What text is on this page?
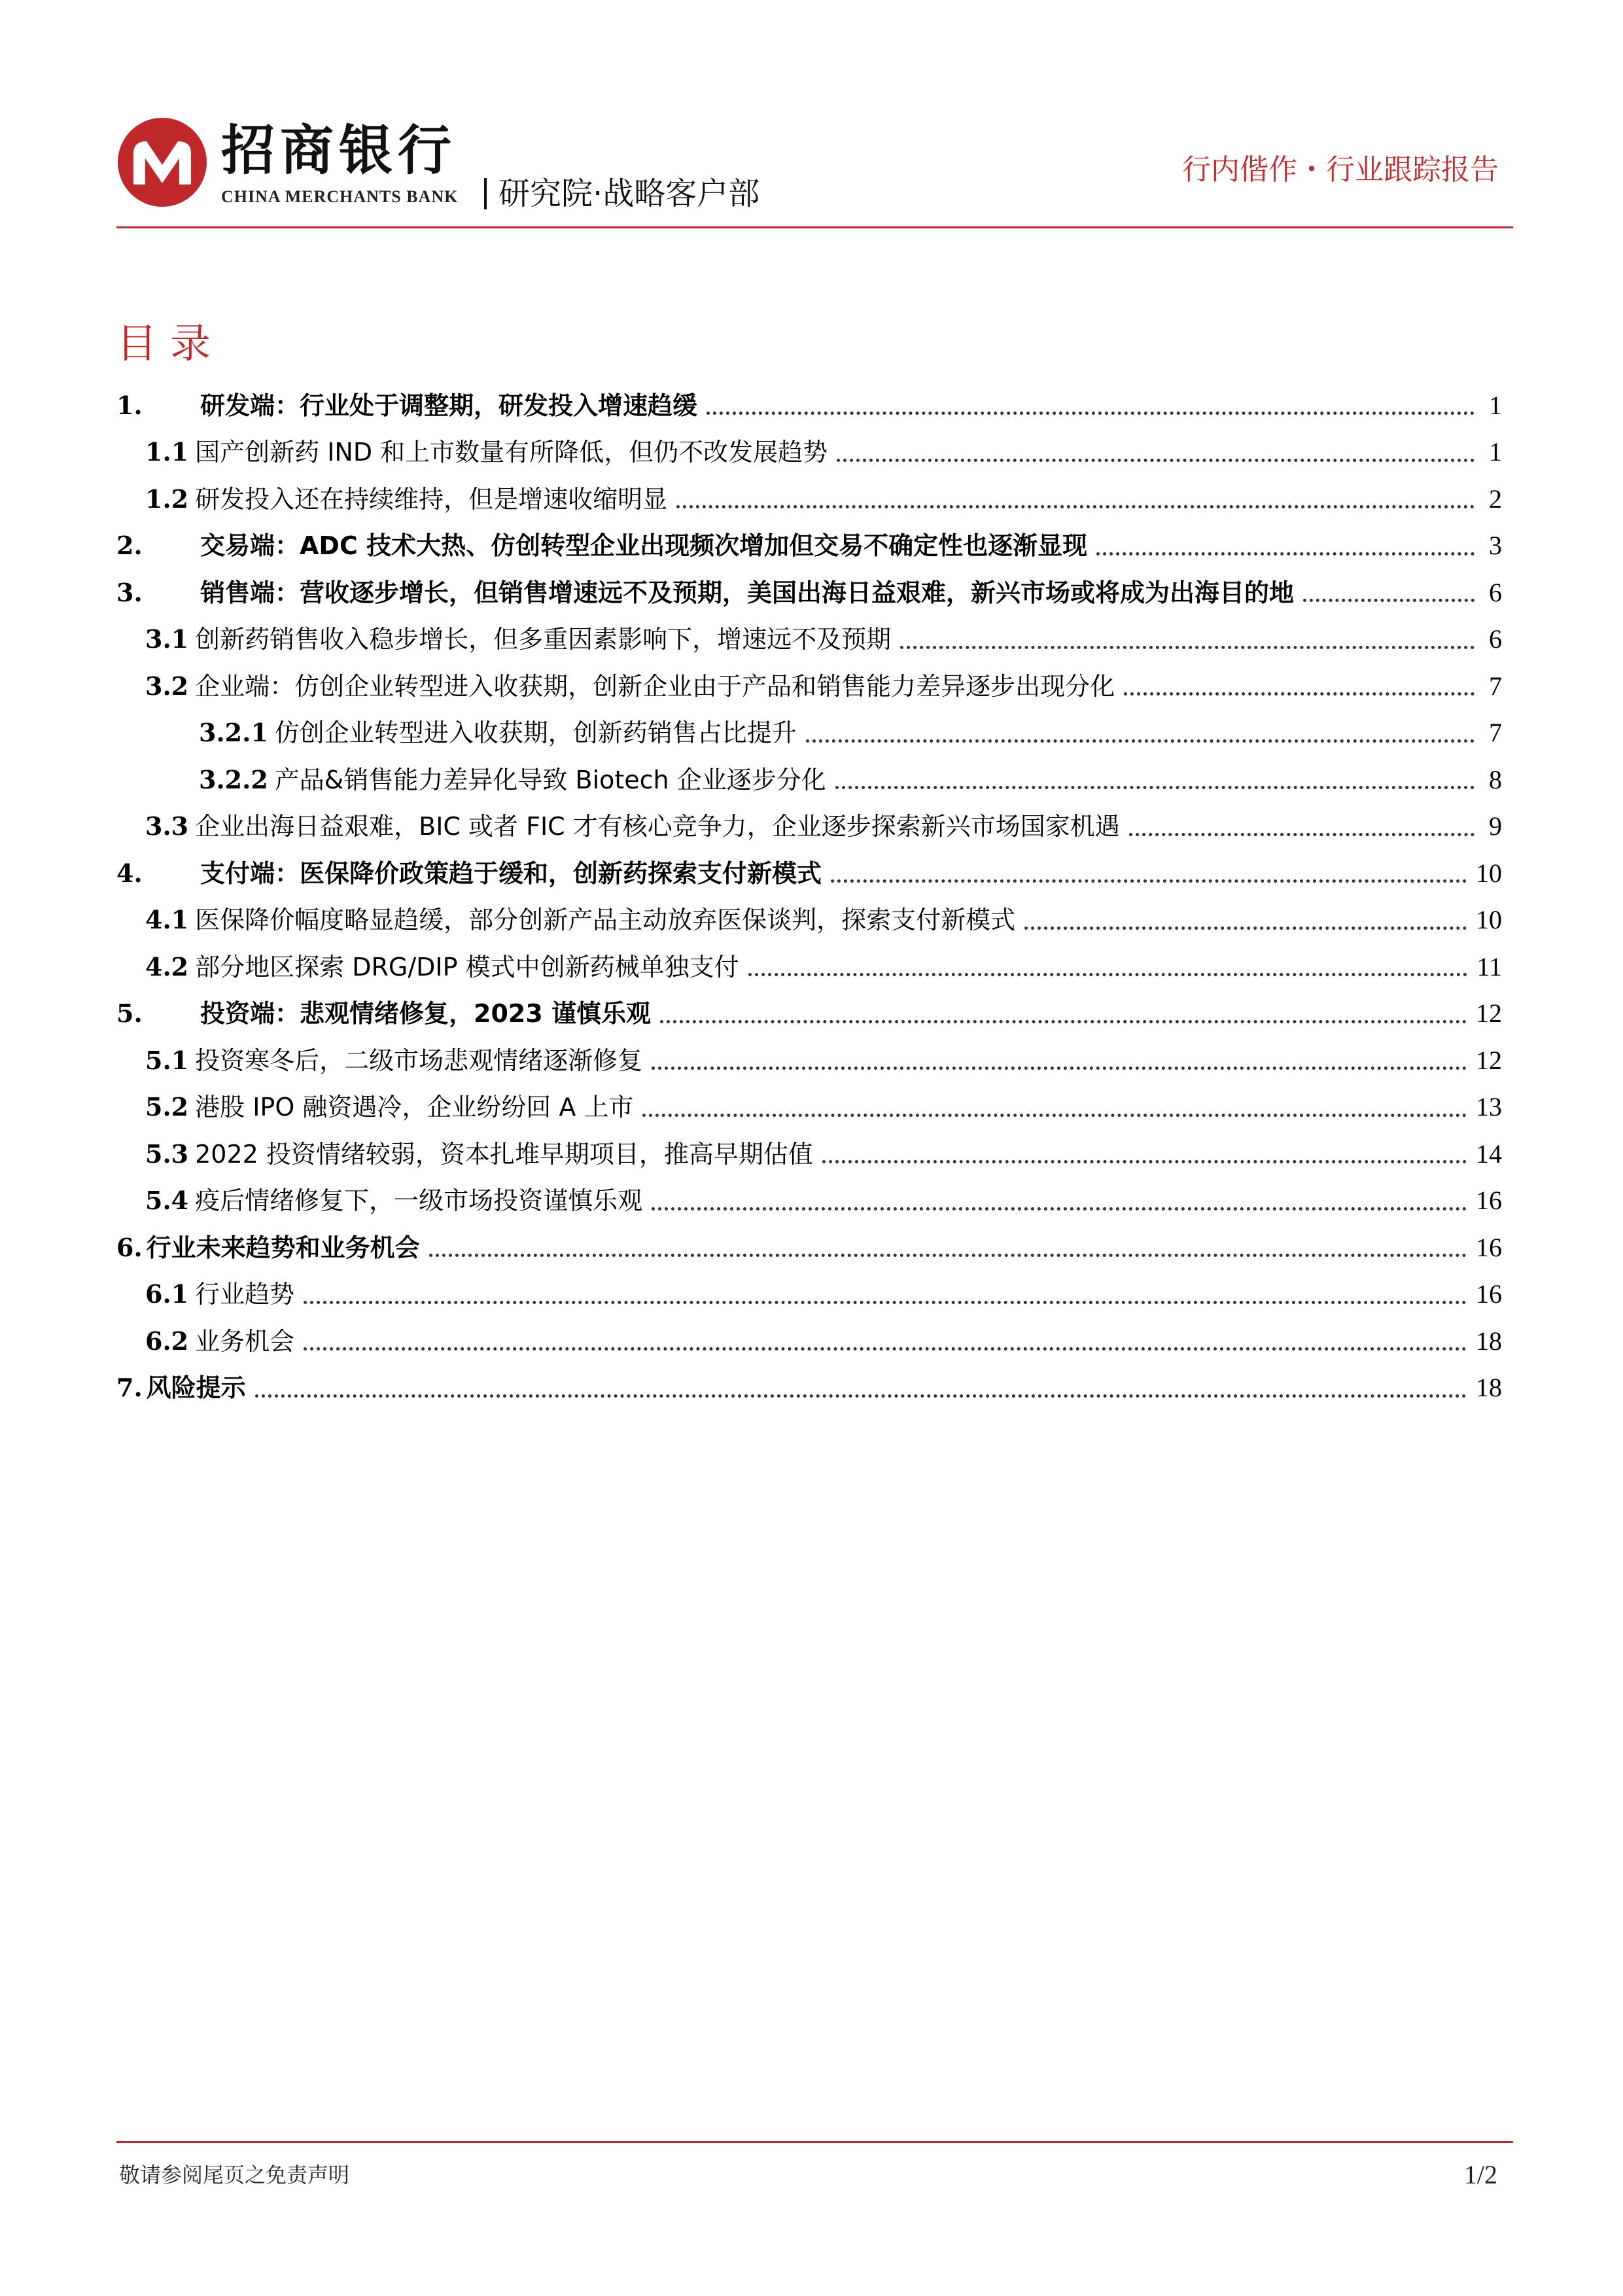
招商银行
CHINA MERCHANTS BANK	研究院·战略客户部
行内偕作・行业跟踪报告
目录
1.	研发端：行业处于调整期，研发投入增速趋缓	1
1.1 国产创新药 IND 和上市数量有所降低，但仍不改发展趋势	1
1.2 研发投入还在持续维持，但是增速收缩明显	2
2.	交易端：ADC 技术大热、仿创转型企业出现频次增加但交易不确定性也逐渐显现	3
3.	销售端：营收逐步增长，但销售增速远不及预期，美国出海日益艰难，新兴市场或将成为出海目的地	6
3.1 创新药销售收入稳步增长，但多重因素影响下，增速远不及预期	6
3.2 企业端：仿创企业转型进入收获期，创新企业由于产品和销售能力差异逐步出现分化	7
3.2.1 仿创企业转型进入收获期，创新药销售占比提升	7
3.2.2 产品&销售能力差异化导致 Biotech 企业逐步分化	8
3.3 企业出海日益艰难，BIC 或者 FIC 才有核心竞争力，企业逐步探索新兴市场国家机遇	9
4.	支付端：医保降价政策趋于缓和，创新药探索支付新模式	10
4.1 医保降价幅度略显趋缓，部分创新产品主动放弃医保谈判，探索支付新模式	10
4.2 部分地区探索 DRG/DIP 模式中创新药械单独支付	11
5.	投资端：悲观情绪修复，2023 谨慎乐观	12
5.1 投资寒冬后，二级市场悲观情绪逐渐修复	12
5.2 港股 IPO 融资遇冷，企业纷纷回 A 上市	13
5.3 2022 投资情绪较弱，资本扎堆早期项目，推高早期估值	14
5.4 疫后情绪修复下，一级市场投资谨慎乐观	16
6. 行业未来趋势和业务机会	16
6.1 行业趋势	16
6.2 业务机会	18
7. 风险提示	18
敬请参阅尾页之免责声明	1/2
